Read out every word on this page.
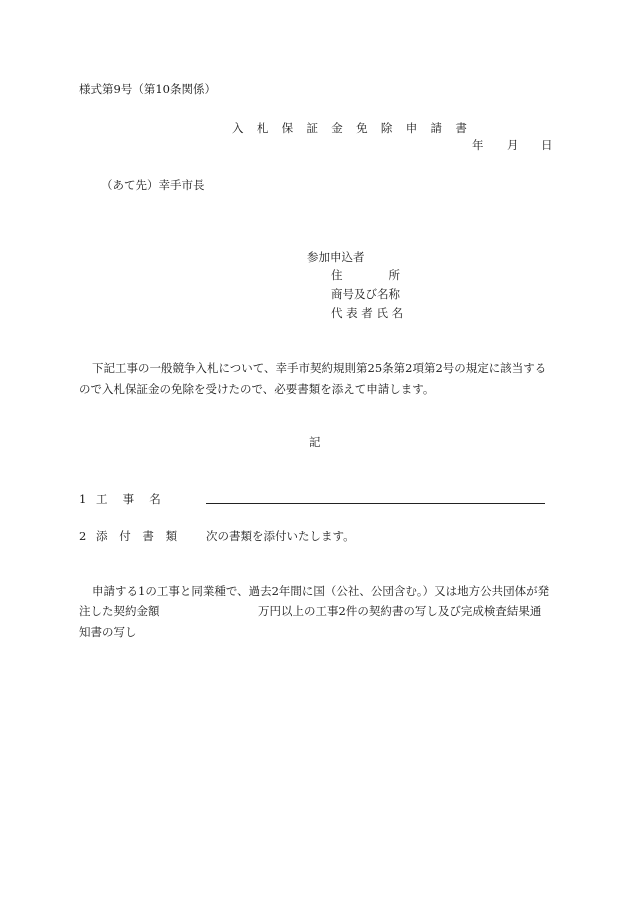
様式第9号（第10条関係）
入 札 保 証 金 免 除 申 請 書
年 月 日
（あて先）幸手市長
参加申込者
住　　　　所
商号及び名称
代 表 者 氏 名
下記工事の一般競争入札について、幸手市契約規則第25条第2項第2号の規定に該当する
ので入札保証金の免除を受けたので、必要書類を添えて申請します。
記
1 工　 事　 名
2 添 付 書 類 次の書類を添付いたします。
申請する1の工事と同業種で、過去2年間に国（公社、公団含む。）又は地方公共団体が発
注した契約金額	万円以上の工事2件の契約書の写し及び完成検査結果通
知書の写し
